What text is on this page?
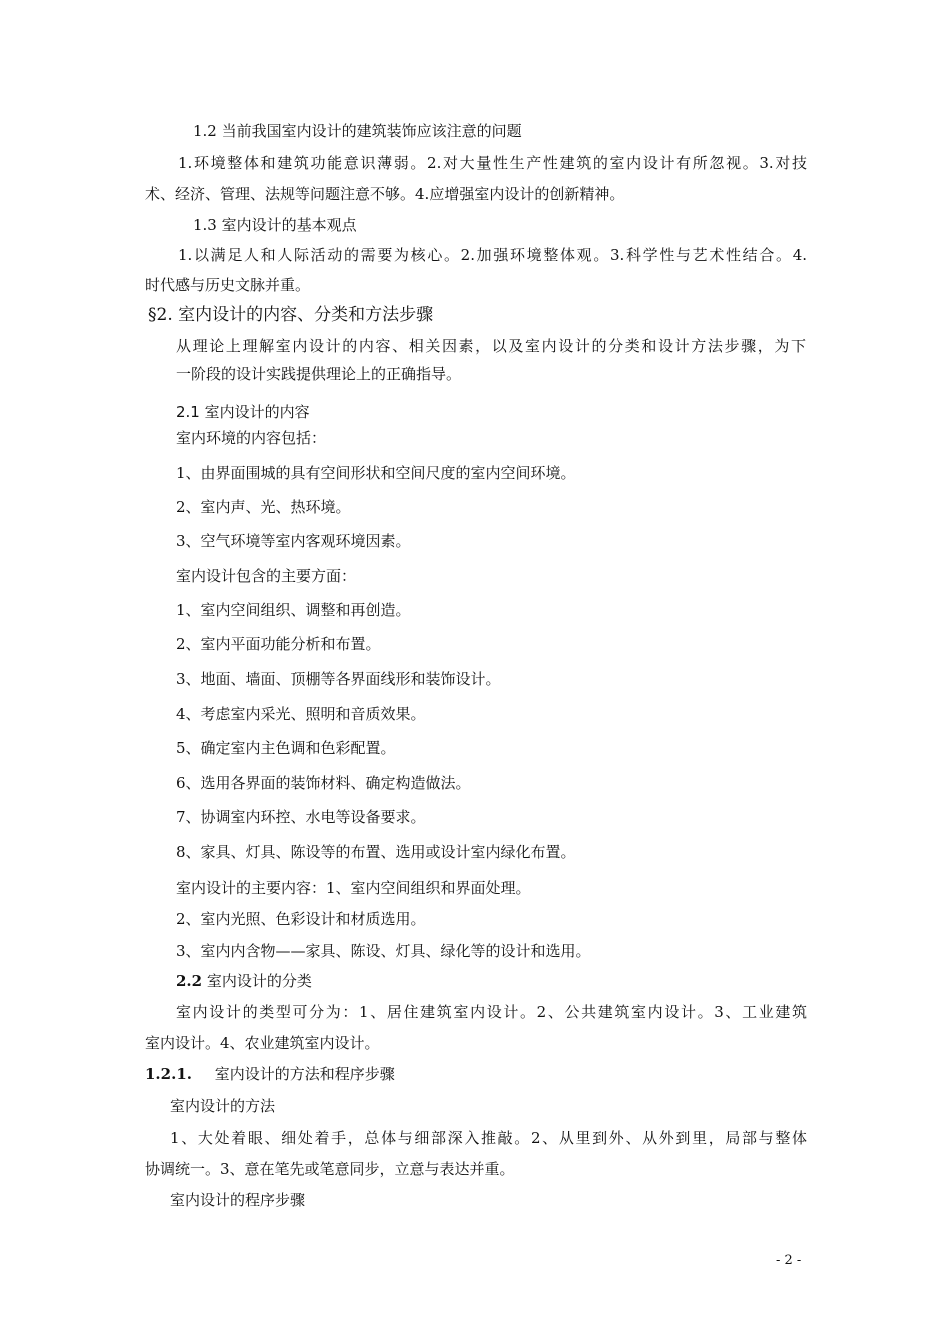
1.2 当前我国室内设计的建筑装饰应该注意的问题
1.环境整体和建筑功能意识薄弱。2.对大量性生产性建筑的室内设计有所忽视。3.对技
术、经济、管理、法规等问题注意不够。4.应增强室内设计的创新精神。
1.3 室内设计的基本观点
1.以满足人和人际活动的需要为核心。2.加强环境整体观。3.科学性与艺术性结合。4.
时代感与历史文脉并重。
§2. 室内设计的内容、分类和方法步骤
从理论上理解室内设计的内容、相关因素，以及室内设计的分类和设计方法步骤，为下
一阶段的设计实践提供理论上的正确指导。
2.1 室内设计的内容
室内环境的内容包括：
1、由界面围城的具有空间形状和空间尺度的室内空间环境。
2、室内声、光、热环境。
3、空气环境等室内客观环境因素。
室内设计包含的主要方面：
1、室内空间组织、调整和再创造。
2、室内平面功能分析和布置。
3、地面、墙面、顶棚等各界面线形和装饰设计。
4、考虑室内采光、照明和音质效果。
5、确定室内主色调和色彩配置。
6、选用各界面的装饰材料、确定构造做法。
7、协调室内环控、水电等设备要求。
8、家具、灯具、陈设等的布置、选用或设计室内绿化布置。
室内设计的主要内容：1、室内空间组织和界面处理。
2、室内光照、色彩设计和材质选用。
3、室内内含物——家具、陈设、灯具、绿化等的设计和选用。
2.2 室内设计的分类
室内设计的类型可分为：1、居住建筑室内设计。2、公共建筑室内设计。3、工业建筑
室内设计。4、农业建筑室内设计。
1.2.1. 室内设计的方法和程序步骤
室内设计的方法
1、大处着眼、细处着手，总体与细部深入推敲。2、从里到外、从外到里，局部与整体
协调统一。3、意在笔先或笔意同步，立意与表达并重。
室内设计的程序步骤
- 2 -
